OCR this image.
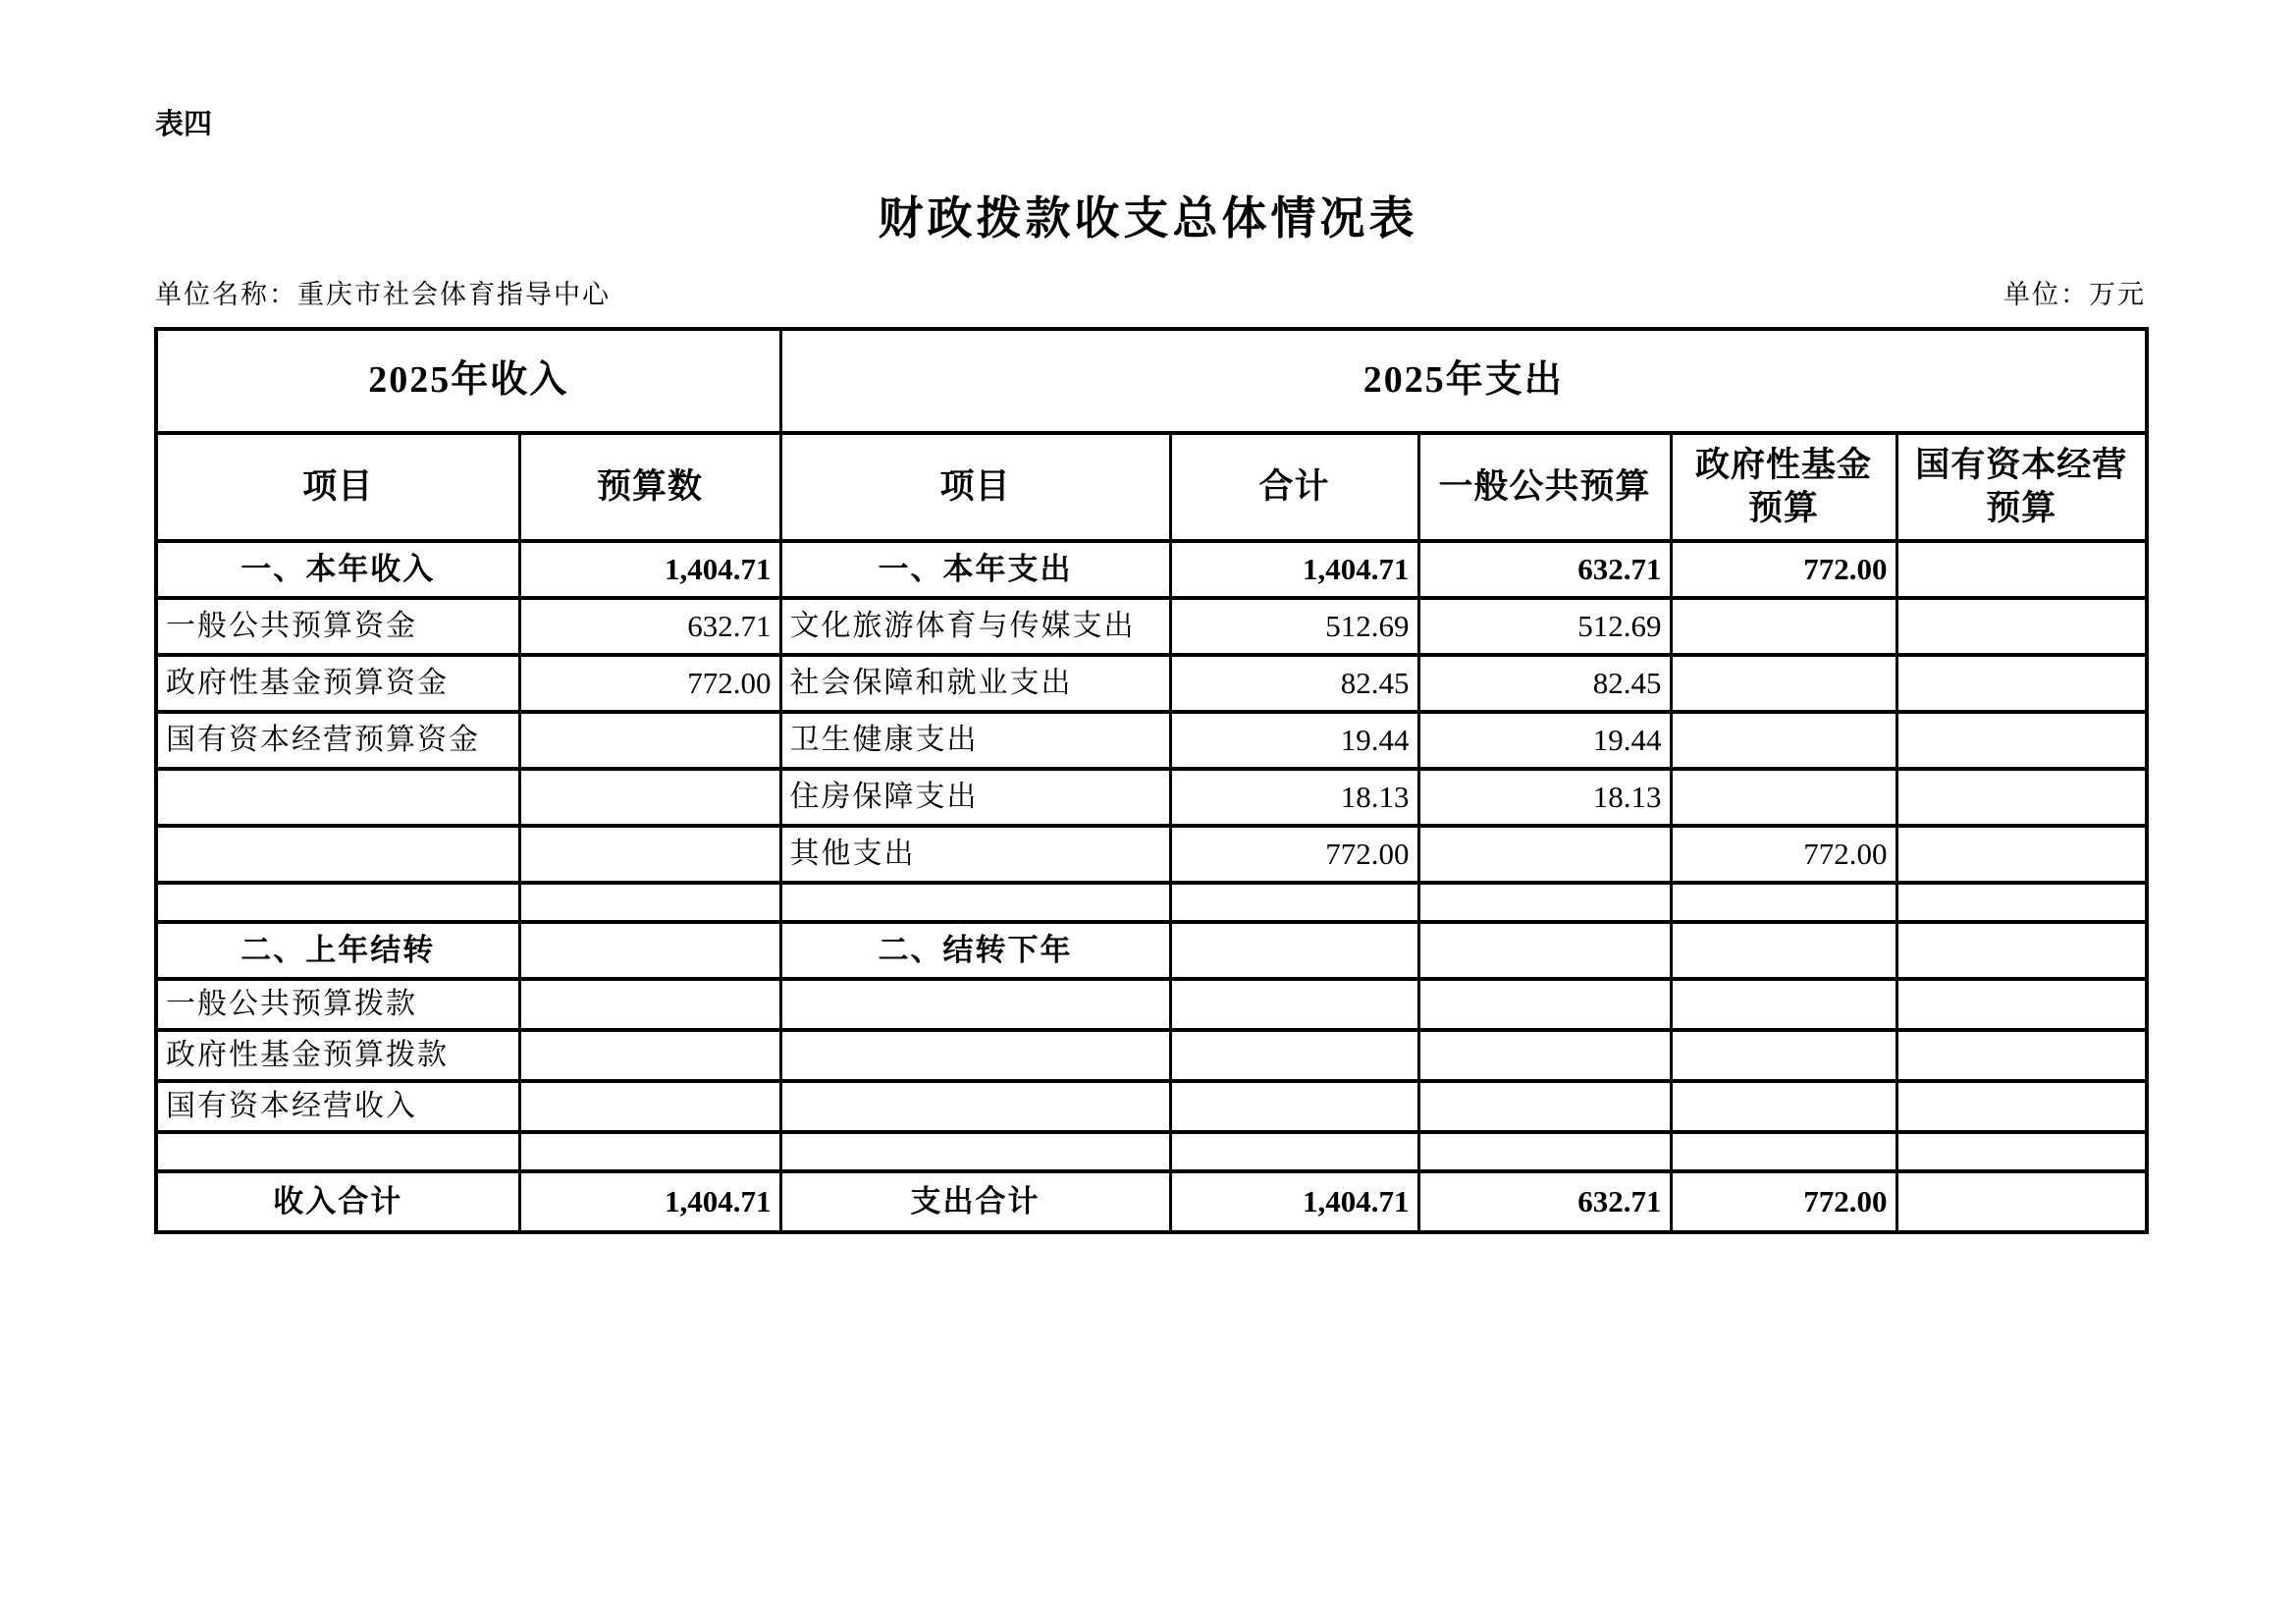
表四
财政拨款收支总体情况表
单位名称：重庆市社会体育指导中心	单位：万元
2025年收入		2025年支出				
项目	预算数	项目	合计	一般公共预算	政府性基金预算	国有资本经营预算
一、本年收入	1,404.71	一、本年支出	1,404.71	632.71	772.00	
一般公共预算资金	632.71	文化旅游体育与传媒支出	512.69	512.69		
政府性基金预算资金	772.00	社会保障和就业支出	82.45	82.45		
国有资本经营预算资金		卫生健康支出	19.44	19.44		
		住房保障支出	18.13	18.13		
		其他支出	772.00		772.00	

二、上年结转		二、结转下年				
一般公共预算拨款						
政府性基金预算拨款						
国有资本经营收入						

收入合计	1,404.71	支出合计	1,404.71	632.71	772.00	
